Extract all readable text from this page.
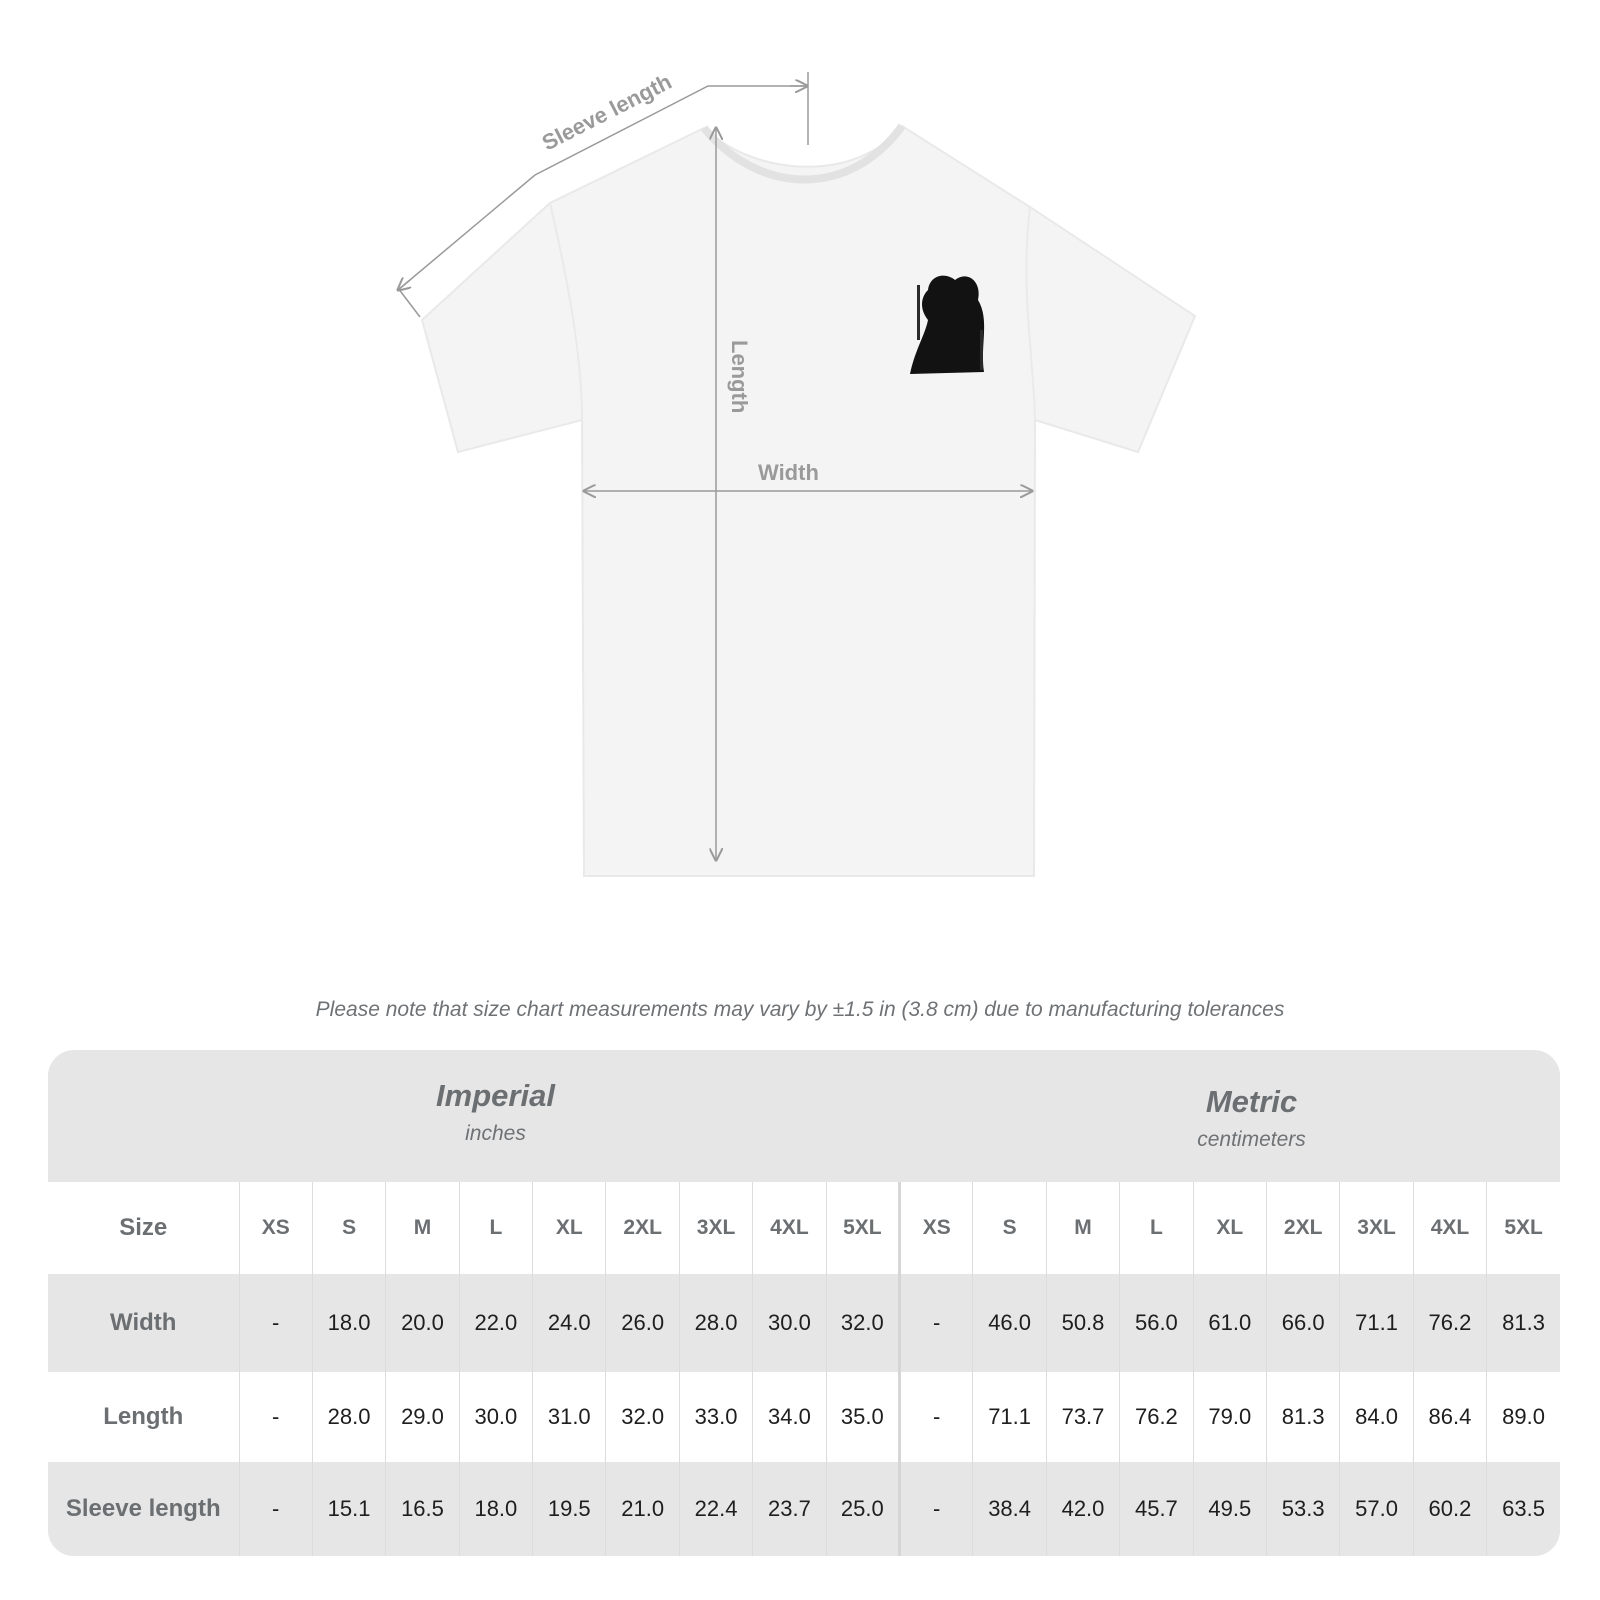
Sleeve length
Length
Width
Please note that size chart measurements may vary by ±1.5 in (3.8 cm) due to manufacturing tolerances
Imperial
inches
Metric
centimeters
Size	XS	S	M	L	XL	2XL	3XL	4XL	5XL	XS	S	M	L	XL	2XL	3XL	4XL	5XL
Width	-	18.0	20.0	22.0	24.0	26.0	28.0	30.0	32.0	-	46.0	50.8	56.0	61.0	66.0	71.1	76.2	81.3
Length	-	28.0	29.0	30.0	31.0	32.0	33.0	34.0	35.0	-	71.1	73.7	76.2	79.0	81.3	84.0	86.4	89.0
Sleeve length	-	15.1	16.5	18.0	19.5	21.0	22.4	23.7	25.0	-	38.4	42.0	45.7	49.5	53.3	57.0	60.2	63.5
